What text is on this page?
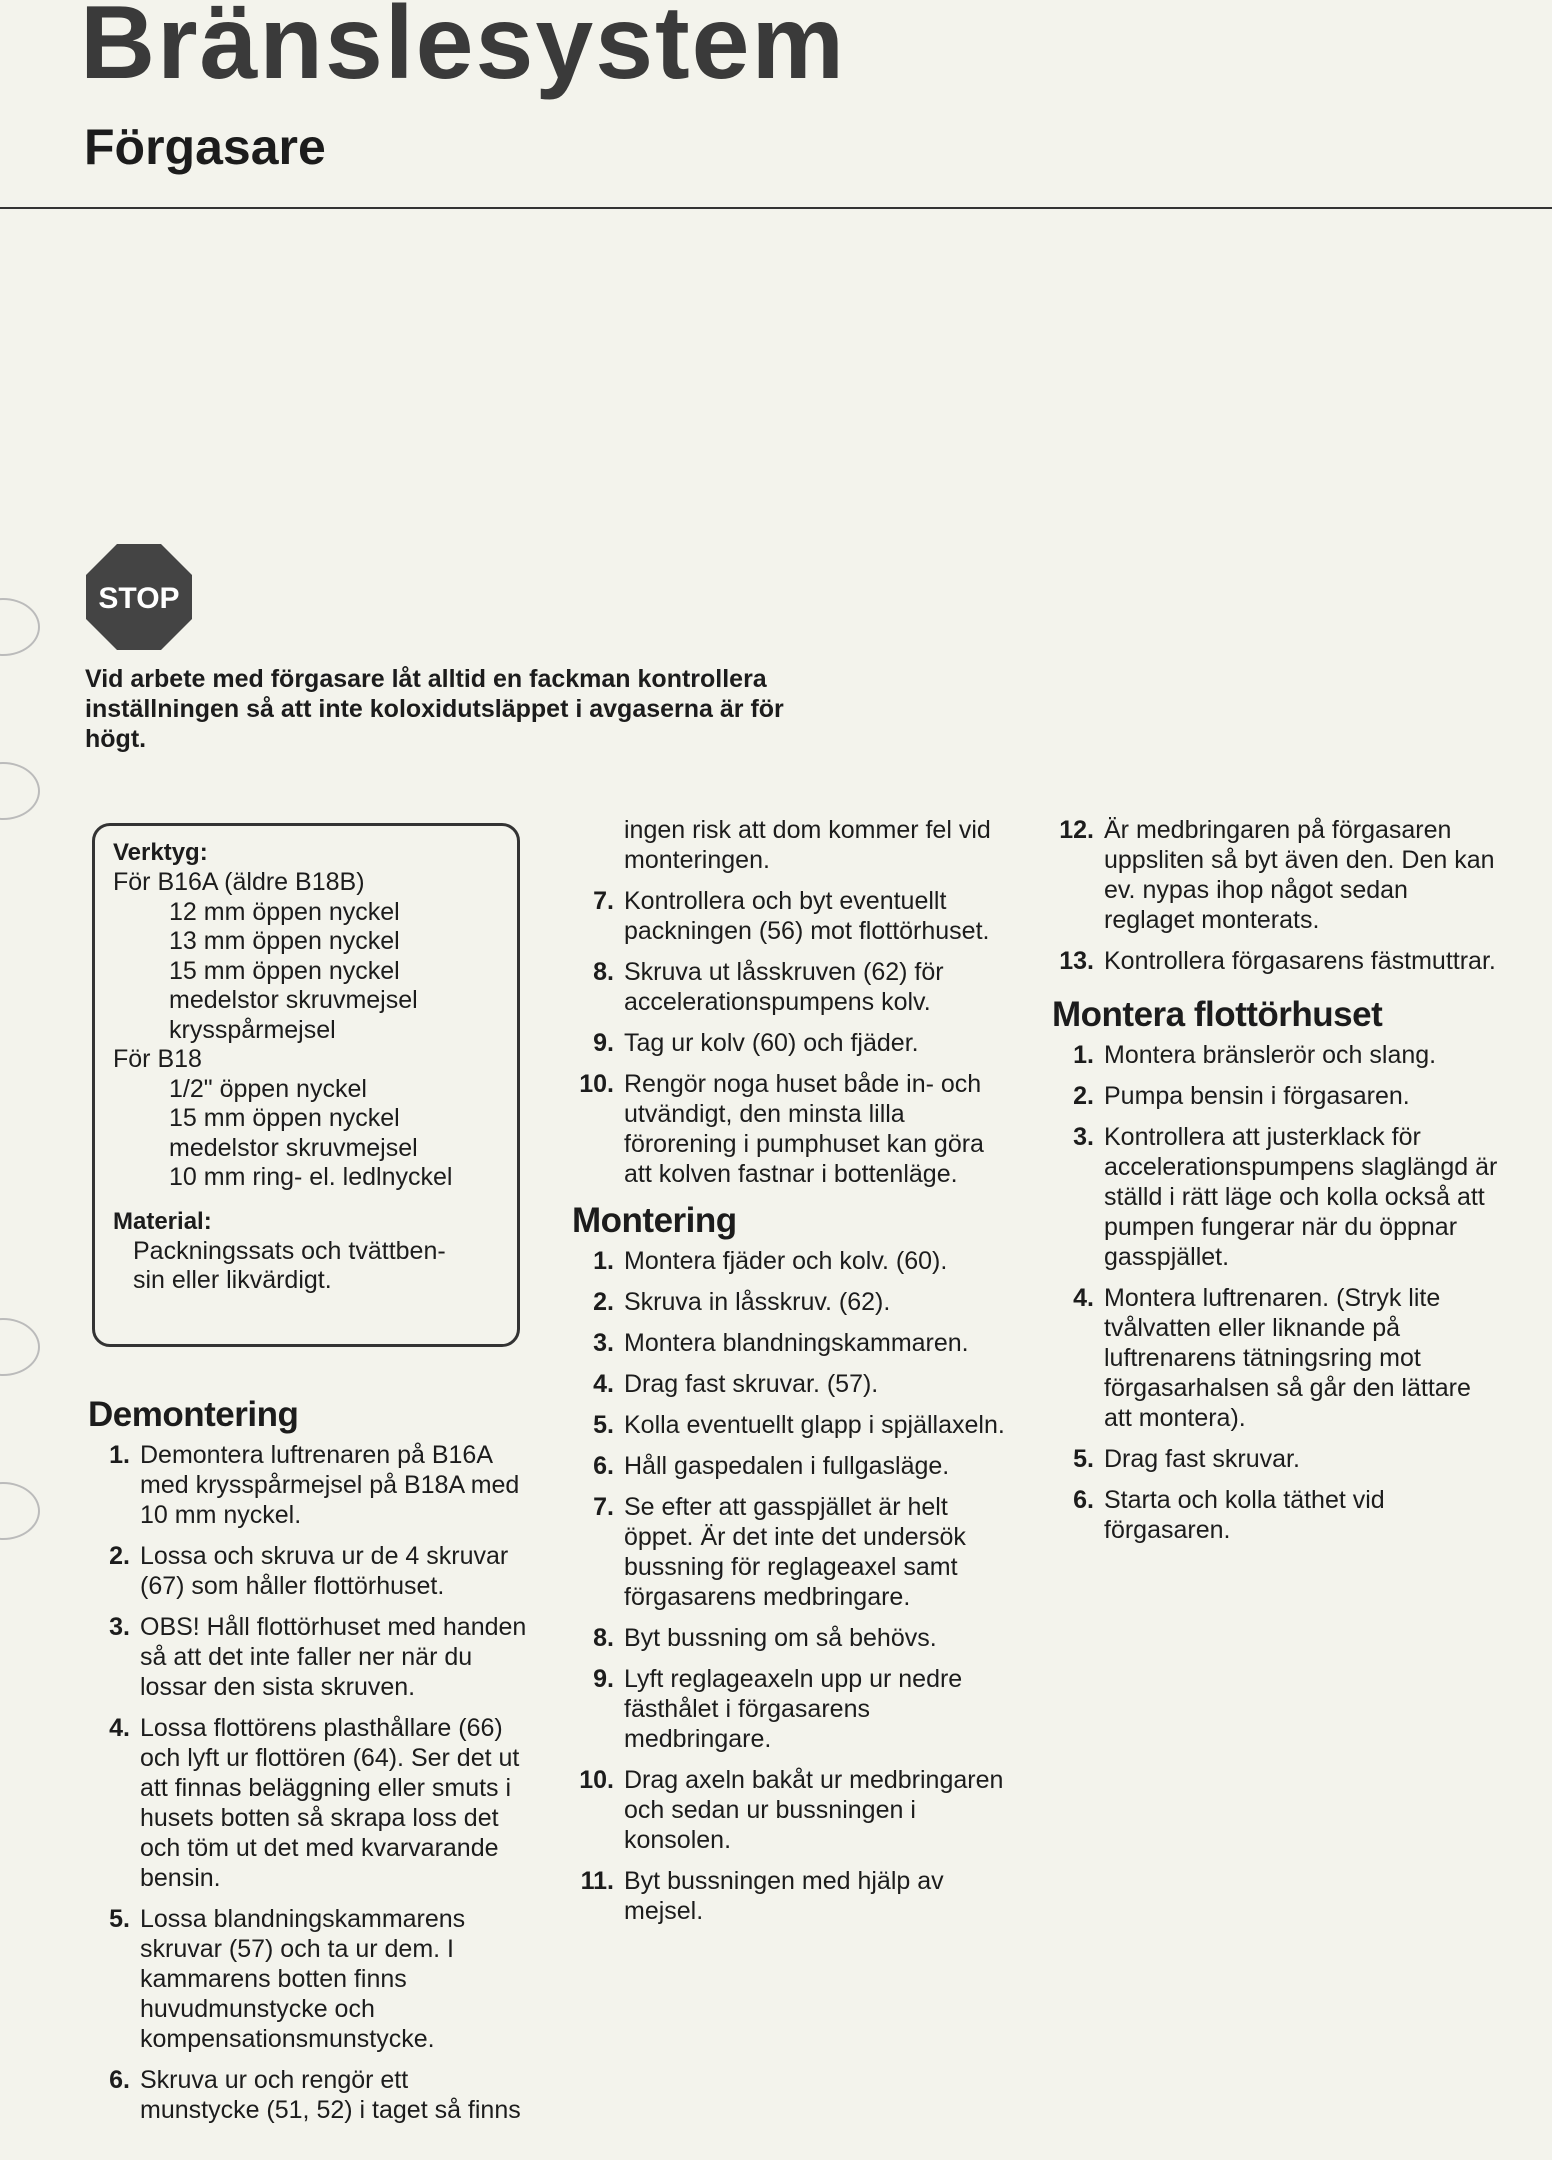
Bränslesystem
Förgasare
STOP

Vid arbete med förgasare låt alltid en fackman kontrollera inställningen så att inte koloxidutsläppet i avgaserna är för högt.

Verktyg:
För B16A (äldre B18B)
12 mm öppen nyckel
13 mm öppen nyckel
15 mm öppen nyckel
medelstor skruvmejsel
krysspårmejsel
För B18
1/2" öppen nyckel
15 mm öppen nyckel
medelstor skruvmejsel
10 mm ring- el. ledlnyckel
Material:
Packningssats och tvättben-
sin eller likvärdigt.
Demontering
1. Demontera luftrenaren på B16A med krysspårmejsel på B18A med 10 mm nyckel.
2. Lossa och skruva ur de 4 skruvar (67) som håller flottörhuset.
3. OBS! Håll flottörhuset med handen så att det inte faller ner när du lossar den sista skruven.
4. Lossa flottörens plasthållare (66) och lyft ur flottören (64). Ser det ut att finnas beläggning eller smuts i husets botten så skrapa loss det och töm ut det med kvarvarande bensin.
5. Lossa blandningskammarens skruvar (57) och ta ur dem. I kammarens botten finns huvudmunstycke och kompensationsmunstycke.
6. Skruva ur och rengör ett munstycke (51, 52) i taget så finns

ingen risk att dom kommer fel vid monteringen.

7. Kontrollera och byt eventuellt packningen (56) mot flottörhuset.
8. Skruva ut låsskruven (62) för accelerationspumpens kolv.
9. Tag ur kolv (60) och fjäder.
10. Rengör noga huset både in- och utvändigt, den minsta lilla förorening i pumphuset kan göra att kolven fastnar i bottenläge.
Montering
1. Montera fjäder och kolv. (60).
2. Skruva in låsskruv. (62).
3. Montera blandningskammaren.
4. Drag fast skruvar. (57).
5. Kolla eventuellt glapp i spjällaxeln.
6. Håll gaspedalen i fullgasläge.
7. Se efter att gasspjället är helt öppet. Är det inte det undersök bussning för reglageaxel samt förgasarens medbringare.
8. Byt bussning om så behövs.
9. Lyft reglageaxeln upp ur nedre fästhålet i förgasarens medbringare.
10. Drag axeln bakåt ur medbringaren och sedan ur bussningen i konsolen.
11. Byt bussningen med hjälp av mejsel.
12. Är medbringaren på förgasaren uppsliten så byt även den. Den kan ev. nypas ihop något sedan reglaget monterats.
13. Kontrollera förgasarens fästmuttrar.
Montera flottörhuset
1. Montera bränslerör och slang.
2. Pumpa bensin i förgasaren.
3. Kontrollera att justerklack för accelerationspumpens slaglängd är ställd i rätt läge och kolla också att pumpen fungerar när du öppnar gasspjället.
4. Montera luftrenaren. (Stryk lite tvålvatten eller liknande på luftrenarens tätningsring mot förgasarhalsen så går den lättare att montera).
5. Drag fast skruvar.
6. Starta och kolla täthet vid förgasaren.
